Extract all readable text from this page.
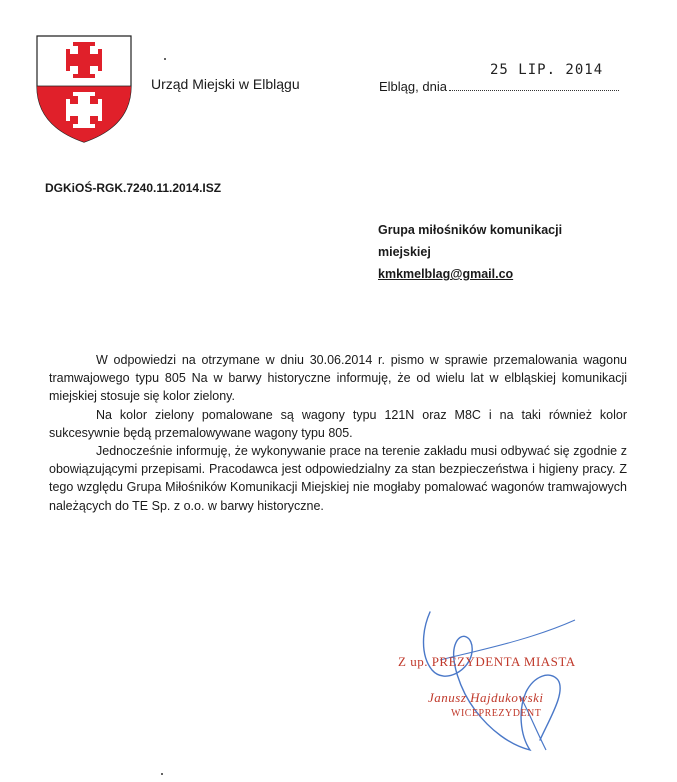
Urząd Miejski w Elblągu
25 LIP. 2014
Elbląg, dnia
DGKiOŚ-RGK.7240.11.2014.ISZ
Grupa miłośników komunikacji
miejskiej
kmkmelblag@gmail.co

W odpowiedzi na otrzymane w dniu 30.06.2014 r. pismo w sprawie przemalowania wagonu tramwajowego typu 805 Na w barwy historyczne informuję, że od wielu lat w elbląskiej komunikacji miejskiej stosuje się kolor zielony.

Na kolor zielony pomalowane są wagony typu 121N oraz M8C i na taki również kolor sukcesywnie będą przemalowywane wagony typu 805.

Jednocześnie informuję, że wykonywanie prace na terenie zakładu musi odbywać się zgodnie z obowiązującymi przepisami. Pracodawca jest odpowiedzialny za stan bezpieczeństwa i higieny pracy. Z tego względu Grupa Miłośników Komunikacji Miejskiej nie mogłaby pomalować wagonów tramwajowych należących do TE Sp. z o.o. w barwy historyczne.

Z up. PREZYDENTA MIASTA
Janusz Hajdukowski
WICEPREZYDENT
